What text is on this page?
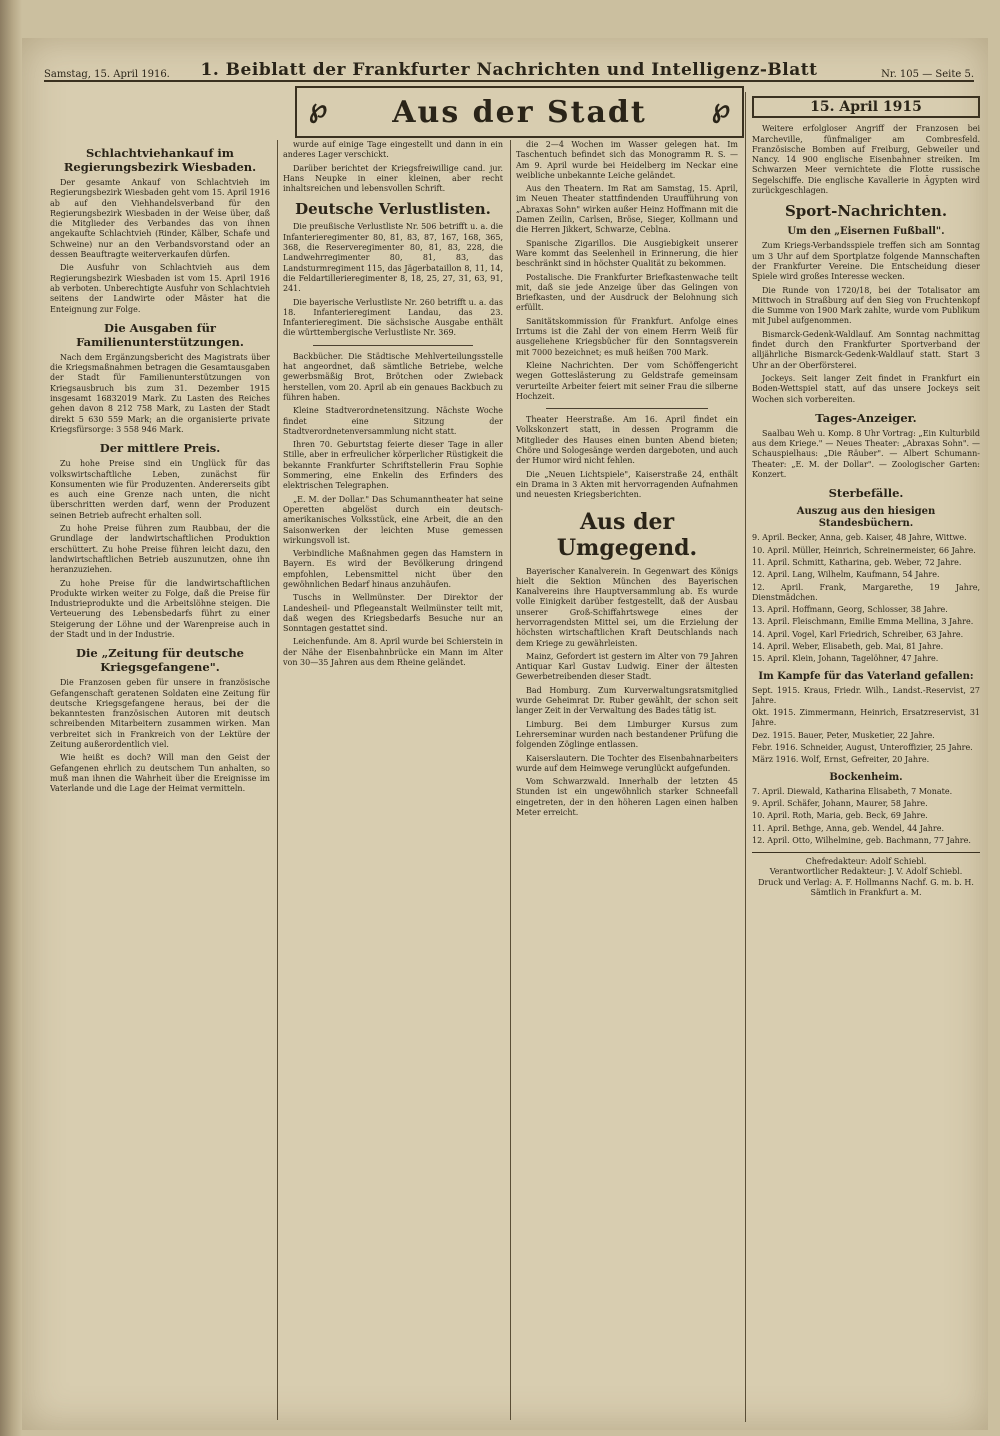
Samstag, 15. April 1916.	1. Beiblatt der Frankfurter Nachrichten und Intelligenz-Blatt	Nr. 105 — Seite 5.
℘ Aus der Stadt	℘
Schlachtviehankauf im Regierungsbezirk Wiesbaden.

Der gesamte Ankauf von Schlachtvieh im Regierungsbezirk Wiesbaden geht vom 15. April 1916 ab auf den Viehhandelsverband für den Regierungsbezirk Wiesbaden in der Weise über, daß die Mitglieder des Verbandes das von ihnen angekaufte Schlachtvieh (Rinder, Kälber, Schafe und Schweine) nur an den Verbandsvorstand oder an dessen Beauftragte weiterverkaufen dürfen.

Die Ausfuhr von Schlachtvieh aus dem Regierungsbezirk Wiesbaden ist vom 15. April 1916 ab verboten. Unberechtigte Ausfuhr von Schlachtvieh seitens der Landwirte oder Mäster hat die Enteignung zur Folge.

Die Ausgaben für Familienunterstützungen.

Nach dem Ergänzungsbericht des Magistrats über die Kriegsmaßnahmen betragen die Gesamtausgaben der Stadt für Familienunterstützungen von Kriegsausbruch bis zum 31. Dezember 1915 insgesamt 16832019 Mark. Zu Lasten des Reiches gehen davon 8 212 758 Mark, zu Lasten der Stadt direkt 5 630 559 Mark; an die organisierte private Kriegsfürsorge: 3 558 946 Mark.

Der mittlere Preis.

Zu hohe Preise sind ein Unglück für das volkswirtschaftliche Leben, zunächst für Konsumenten wie für Produzenten. Andererseits gibt es auch eine Grenze nach unten, die nicht überschritten werden darf, wenn der Produzent seinen Betrieb aufrecht erhalten soll.

Zu hohe Preise führen zum Raubbau, der die Grundlage der landwirtschaftlichen Produktion erschüttert. Zu hohe Preise führen leicht dazu, den landwirtschaftlichen Betrieb auszunutzen, ohne ihn heranzuziehen.

Zu hohe Preise für die landwirtschaftlichen Produkte wirken weiter zu Folge, daß die Preise für Industrieprodukte und die Arbeitslöhne steigen. Die Verteuerung des Lebensbedarfs führt zu einer Steigerung der Löhne und der Warenpreise auch in der Stadt und in der Industrie.

Die „Zeitung für deutsche Kriegsgefangene".

Die Franzosen geben für unsere in französische Gefangenschaft geratenen Soldaten eine Zeitung für deutsche Kriegsgefangene heraus, bei der die bekanntesten französischen Autoren mit deutsch schreibenden Mitarbeitern zusammen wirken. Man verbreitet sich in Frankreich von der Lektüre der Zeitung außerordentlich viel.

Wie heißt es doch? Will man den Geist der Gefangenen ehrlich zu deutschem Tun anhalten, so muß man ihnen die Wahrheit über die Ereignisse im Vaterlande und die Lage der Heimat vermitteln.

wurde auf einige Tage eingestellt und dann in ein anderes Lager verschickt.

Darüber berichtet der Kriegsfreiwillige cand. jur. Hans Neupke in einer kleinen, aber recht inhaltsreichen und lebensvollen Schrift.

Deutsche Verlustlisten.

Die preußische Verlustliste Nr. 506 betrifft u. a. die Infanterieregimenter 80, 81, 83, 87, 167, 168, 365, 368, die Reserveregimenter 80, 81, 83, 228, die Landwehrregimenter 80, 81, 83, das Landsturmregiment 115, das Jägerbataillon 8, 11, 14, die Feldartillerieregimenter 8, 18, 25, 27, 31, 63, 91, 241.

Die bayerische Verlustliste Nr. 260 betrifft u. a. das 18. Infanterieregiment Landau, das 23. Infanterieregiment. Die sächsische Ausgabe enthält die württembergische Verlustliste Nr. 369.

Backbücher. Die Städtische Mehlverteilungsstelle hat angeordnet, daß sämtliche Betriebe, welche gewerbsmäßig Brot, Brötchen oder Zwieback herstellen, vom 20. April ab ein genaues Backbuch zu führen haben.

Kleine Stadtverordnetensitzung. Nächste Woche findet eine Sitzung der Stadtverordnetenversammlung nicht statt.

Ihren 70. Geburtstag feierte dieser Tage in aller Stille, aber in erfreulicher körperlicher Rüstigkeit die bekannte Frankfurter Schriftstellerin Frau Sophie Sommering, eine Enkelin des Erfinders des elektrischen Telegraphen.

„E. M. der Dollar." Das Schumanntheater hat seine Operetten abgelöst durch ein deutsch-amerikanisches Volksstück, eine Arbeit, die an den Saisonwerken der leichten Muse gemessen wirkungsvoll ist.

Verbindliche Maßnahmen gegen das Hamstern in Bayern. Es wird der Bevölkerung dringend empfohlen, Lebensmittel nicht über den gewöhnlichen Bedarf hinaus anzuhäufen.

Tuschs in Wellmünster. Der Direktor der Landesheil- und Pflegeanstalt Weilmünster teilt mit, daß wegen des Kriegsbedarfs Besuche nur an Sonntagen gestattet sind.

Leichenfunde. Am 8. April wurde bei Schierstein in der Nähe der Eisenbahnbrücke ein Mann im Alter von 30—35 Jahren aus dem Rheine geländet.

die 2—4 Wochen im Wasser gelegen hat. Im Taschentuch befindet sich das Monogramm R. S. — Am 9. April wurde bei Heidelberg im Neckar eine weibliche unbekannte Leiche geländet.

Aus den Theatern. Im Rat am Samstag, 15. April, im Neuen Theater stattfindenden Uraufführung von „Abraxas Sohn" wirken außer Heinz Hoffmann mit die Damen Zeilin, Carlsen, Bröse, Sieger, Kollmann und die Herren Jikkert, Schwarze, Ceblna.

Spanische Zigarillos. Die Ausgiebigkeit unserer Ware kommt das Seelenheil in Erinnerung, die hier beschränkt sind in höchster Qualität zu bekommen.

Postalische. Die Frankfurter Briefkastenwache teilt mit, daß sie jede Anzeige über das Gelingen von Briefkasten, und der Ausdruck der Belohnung sich erfüllt.

Sanitätskommission für Frankfurt. Anfolge eines Irrtums ist die Zahl der von einem Herrn Weiß für ausgeliehene Kriegsbücher für den Sonntagsverein mit 7000 bezeichnet; es muß heißen 700 Mark.

Kleine Nachrichten. Der vom Schöffengericht wegen Gotteslästerung zu Geldstrafe gemeinsam verurteilte Arbeiter feiert mit seiner Frau die silberne Hochzeit.

Theater Heerstraße. Am 16. April findet ein Volkskonzert statt, in dessen Programm die Mitglieder des Hauses einen bunten Abend bieten; Chöre und Sologesänge werden dargeboten, und auch der Humor wird nicht fehlen.

Die „Neuen Lichtspiele", Kaiserstraße 24, enthält ein Drama in 3 Akten mit hervorragenden Aufnahmen und neuesten Kriegsberichten.

Aus der Umgegend.

Bayerischer Kanalverein. In Gegenwart des Königs hielt die Sektion München des Bayerischen Kanalvereins ihre Hauptversammlung ab. Es wurde volle Einigkeit darüber festgestellt, daß der Ausbau unserer Groß-Schiffahrtswege eines der hervorragendsten Mittel sei, um die Erzielung der höchsten wirtschaftlichen Kraft Deutschlands nach dem Kriege zu gewährleisten.

Mainz, Gefordert ist gestern im Alter von 79 Jahren Antiquar Karl Gustav Ludwig. Einer der ältesten Gewerbetreibenden dieser Stadt.

Bad Homburg. Zum Kurverwaltungsratsmitglied wurde Geheimrat Dr. Ruber gewählt, der schon seit langer Zeit in der Verwaltung des Bades tätig ist.

Limburg. Bei dem Limburger Kursus zum Lehrerseminar wurden nach bestandener Prüfung die folgenden Zöglinge entlassen.

Kaiserslautern. Die Tochter des Eisenbahnarbeiters wurde auf dem Heimwege verunglückt aufgefunden.

Vom Schwarzwald. Innerhalb der letzten 45 Stunden ist ein ungewöhnlich starker Schneefall eingetreten, der in den höheren Lagen einen halben Meter erreicht.

15. April 1915

Weitere erfolgloser Angriff der Franzosen bei Marcheville, fünfmaliger am Combresfeld. Französische Bomben auf Freiburg, Gebweiler und Nancy. 14 900 englische Eisenbahner streiken. Im Schwarzen Meer vernichtete die Flotte russische Segelschiffe. Die englische Kavallerie in Ägypten wird zurückgeschlagen.

Sport-Nachrichten.
Um den „Eisernen Fußball".

Zum Kriegs-Verbandsspiele treffen sich am Sonntag um 3 Uhr auf dem Sportplatze folgende Mannschaften der Frankfurter Vereine. Die Entscheidung dieser Spiele wird großes Interesse wecken.

Die Runde von 1720/18, bei der Totalisator am Mittwoch in Straßburg auf den Sieg von Fruchtenkopf die Summe von 1900 Mark zahlte, wurde vom Publikum mit Jubel aufgenommen.

Bismarck-Gedenk-Waldlauf. Am Sonntag nachmittag findet durch den Frankfurter Sportverband der alljährliche Bismarck-Gedenk-Waldlauf statt. Start 3 Uhr an der Oberförsterei.

Jockeys. Seit langer Zeit findet in Frankfurt ein Boden-Wettspiel statt, auf das unsere Jockeys seit Wochen sich vorbereiten.

Tages-Anzeiger.

Saalbau Weh u. Komp. 8 Uhr Vortrag: „Ein Kulturbild aus dem Kriege." — Neues Theater: „Abraxas Sohn". — Schauspielhaus: „Die Räuber". — Albert Schumann-Theater: „E. M. der Dollar". — Zoologischer Garten: Konzert.

Sterbefälle.
Auszug aus den hiesigen Standesbüchern.
9. April. Becker, Anna, geb. Kaiser, 48 Jahre, Wittwe.
10. April. Müller, Heinrich, Schreinermeister, 66 Jahre.
11. April. Schmitt, Katharina, geb. Weber, 72 Jahre.
12. April. Lang, Wilhelm, Kaufmann, 54 Jahre.
12. April. Frank, Margarethe, 19 Jahre, Dienstmädchen.
13. April. Hoffmann, Georg, Schlosser, 38 Jahre.
13. April. Fleischmann, Emilie Emma Mellina, 3 Jahre.
14. April. Vogel, Karl Friedrich, Schreiber, 63 Jahre.
14. April. Weber, Elisabeth, geb. Mai, 81 Jahre.
15. April. Klein, Johann, Tagelöhner, 47 Jahre.
Im Kampfe für das Vaterland gefallen:
Sept. 1915. Kraus, Friedr. Wilh., Landst.-Reservist, 27 Jahre.
Okt. 1915. Zimmermann, Heinrich, Ersatzreservist, 31 Jahre.
Dez. 1915. Bauer, Peter, Musketier, 22 Jahre.
Febr. 1916. Schneider, August, Unteroffizier, 25 Jahre.
März 1916. Wolf, Ernst, Gefreiter, 20 Jahre.
Bockenheim.
7. April. Diewald, Katharina Elisabeth, 7 Monate.
9. April. Schäfer, Johann, Maurer, 58 Jahre.
10. April. Roth, Maria, geb. Beck, 69 Jahre.
11. April. Bethge, Anna, geb. Wendel, 44 Jahre.
12. April. Otto, Wilhelmine, geb. Bachmann, 77 Jahre.
Chefredakteur: Adolf Schiebl.
Verantwortlicher Redakteur: J. V. Adolf Schiebl.
Druck und Verlag: A. F. Hollmanns Nachf. G. m. b. H. Sämtlich in Frankfurt a. M.
